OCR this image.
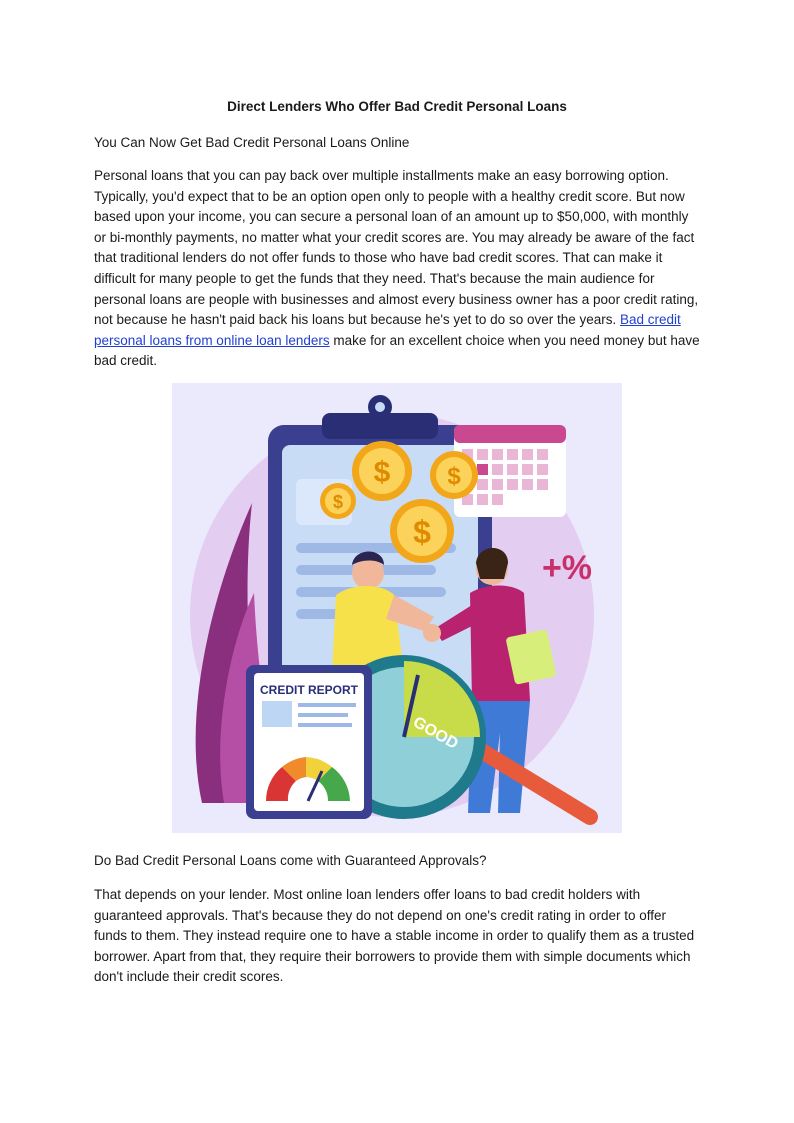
Direct Lenders Who Offer Bad Credit Personal Loans
You Can Now Get Bad Credit Personal Loans Online

Personal loans that you can pay back over multiple installments make an easy borrowing option. Typically, you'd expect that to be an option open only to people with a healthy credit score. But now based upon your income, you can secure a personal loan of an amount up to $50,000, with monthly or bi-monthly payments, no matter what your credit scores are. You may already be aware of the fact that traditional lenders do not offer funds to those who have bad credit scores. That can make it difficult for many people to get the funds that they need. That's because the main audience for personal loans are people with businesses and almost every business owner has a poor credit rating, not because he hasn't paid back his loans but because he's yet to do so over the years. Bad credit personal loans from online loan lenders make for an excellent choice when you need money but have bad credit.

$ $
$
$
+%
GOOD
CREDIT REPORT
Do Bad Credit Personal Loans come with Guaranteed Approvals?

That depends on your lender. Most online loan lenders offer loans to bad credit holders with guaranteed approvals. That's because they do not depend on one's credit rating in order to offer funds to them. They instead require one to have a stable income in order to qualify them as a trusted borrower. Apart from that, they require their borrowers to provide them with simple documents which don't include their credit scores.
